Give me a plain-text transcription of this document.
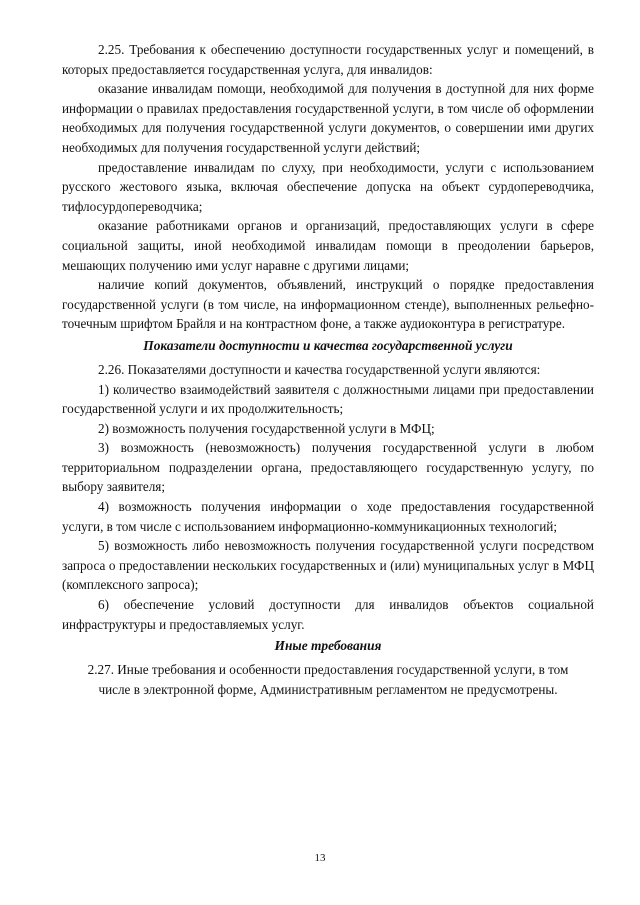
2.25. Требования к обеспечению доступности государственных услуг и помещений, в которых предоставляется государственная услуга, для инвалидов:

оказание инвалидам помощи, необходимой для получения в доступной для них форме информации о правилах предоставления государственной услуги, в том числе об оформлении необходимых для получения государственной услуги документов, о совершении ими других необходимых для получения государственной услуги действий;

предоставление инвалидам по слуху, при необходимости, услуги с использованием русского жестового языка, включая обеспечение допуска на объект сурдопереводчика, тифлосурдопереводчика;

оказание работниками органов и организаций, предоставляющих услуги в сфере социальной защиты, иной необходимой инвалидам помощи в преодолении барьеров, мешающих получению ими услуг наравне с другими лицами;

наличие копий документов, объявлений, инструкций о порядке предоставления государственной услуги (в том числе, на информационном стенде), выполненных рельефно-точечным шрифтом Брайля и на контрастном фоне, а также аудиоконтура в регистратуре.

Показатели доступности и качества государственной услуги

2.26. Показателями доступности и качества государственной услуги являются:

1) количество взаимодействий заявителя с должностными лицами при предоставлении государственной услуги и их продолжительность;

2) возможность получения государственной услуги в МФЦ;

3) возможность (невозможность) получения государственной услуги в любом территориальном подразделении органа, предоставляющего государственную услугу, по выбору заявителя;

4) возможность получения информации о ходе предоставления государственной услуги, в том числе с использованием информационно-коммуникационных технологий;

5) возможность либо невозможность получения государственной услуги посредством запроса о предоставлении нескольких государственных и (или) муниципальных услуг в МФЦ (комплексного запроса);

6) обеспечение условий доступности для инвалидов объектов социальной инфраструктуры и предоставляемых услуг.

Иные требования

2.27. Иные требования и особенности предоставления государственной услуги, в том числе в электронной форме, Административным регламентом не предусмотрены.

13
